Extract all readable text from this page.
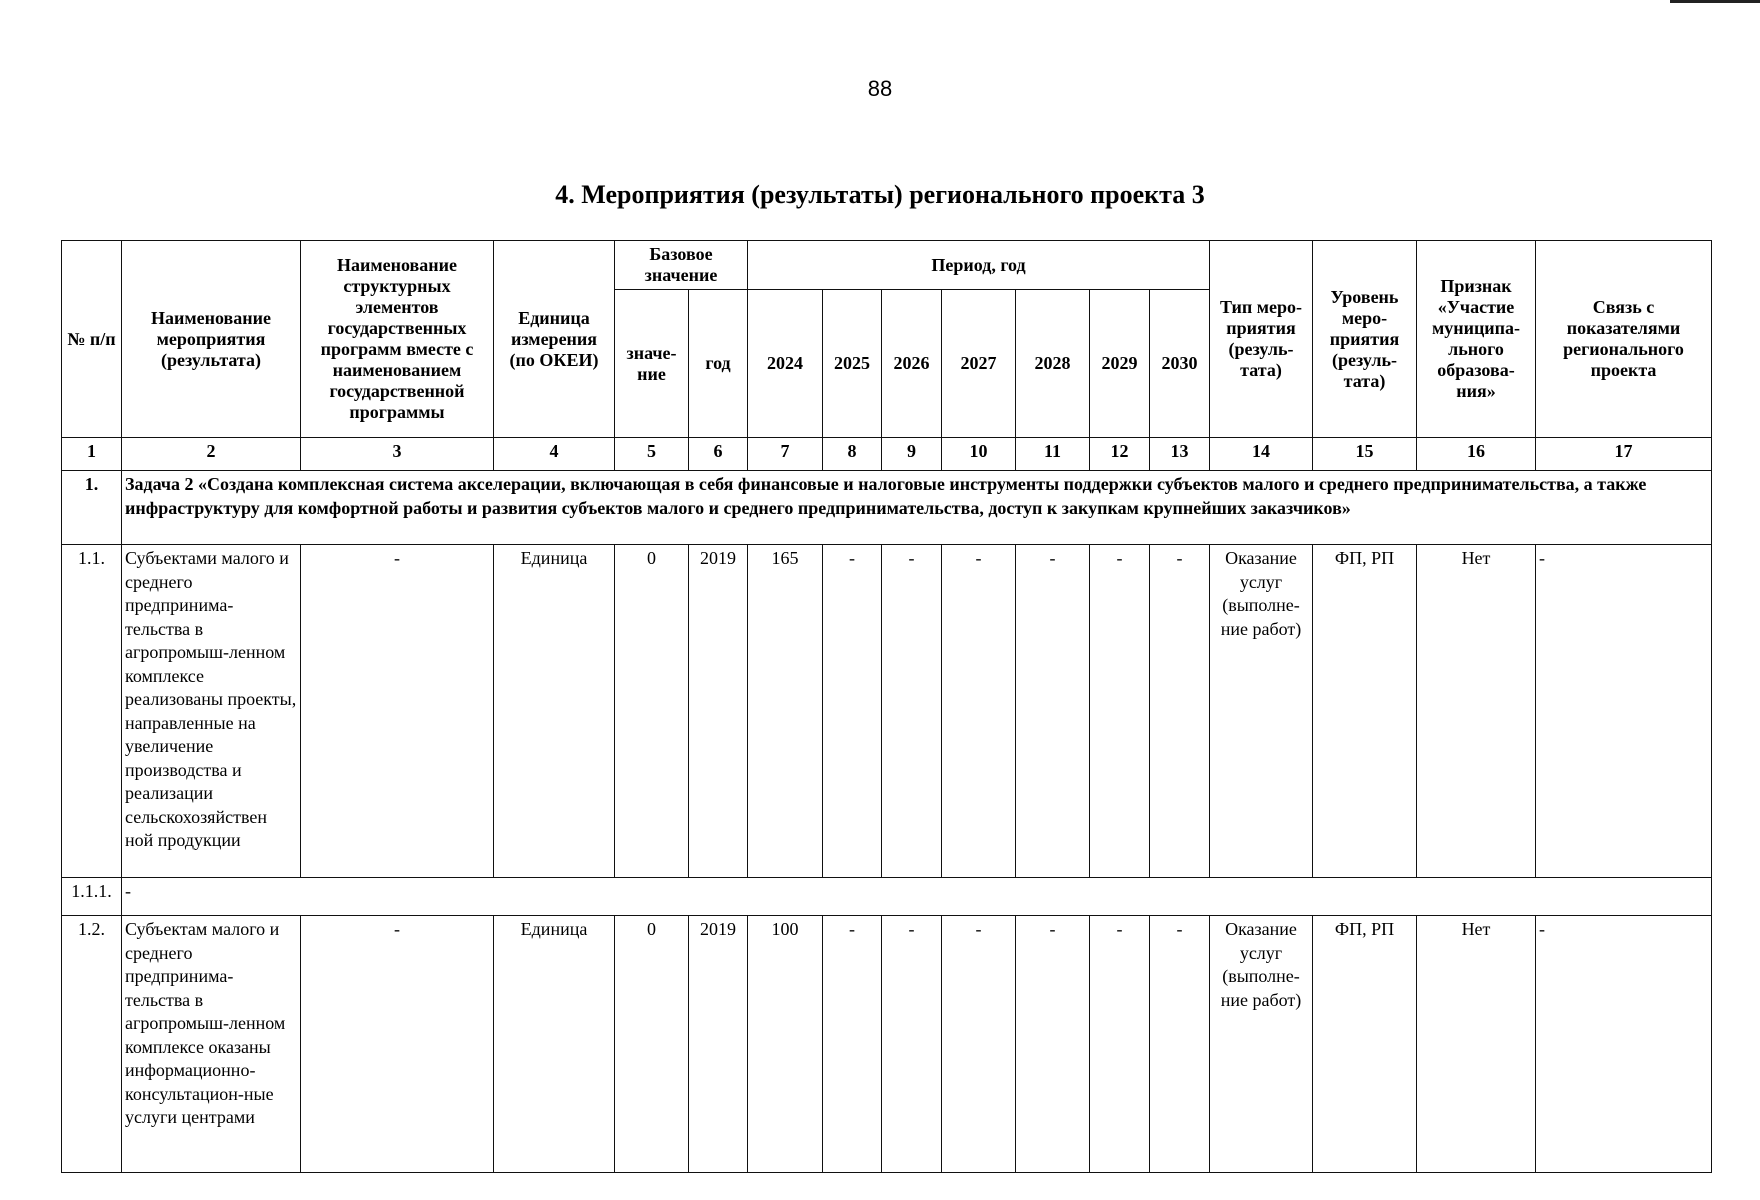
88
4. Мероприятия (результаты) регионального проекта 3
№ п/п	Наименование мероприятия (результата)	Наименование структурных элементов государственных программ вместе с наименованием государственной программы	Единица измерения (по ОКЕИ)	Базовое значение		Период, год							Тип меро-приятия (резуль-тата)	Уровень меро-приятия (резуль-тата)	Признак «Участие муниципа-льного образова-ния»	Связь с показателями регионального проекта
				значе-ние	год	2024	2025	2026	2027	2028	2029	2030				
1	2	3	4	5	6	7	8	9	10	11	12	13	14	15	16	17
1.	Задача 2 «Создана комплексная система акселерации, включающая в себя финансовые и налоговые инструменты поддержки субъектов малого и среднего предпринимательства, а также инфраструктуру для комфортной работы и развития субъектов малого и среднего предпринимательства, доступ к закупкам крупнейших заказчиков»															
1.1.	Субъектами малого и среднего предпринима-тельства в агропромыш-ленном комплексе реализованы проекты, направленные на увеличение производства и реализации сельскохозяйствен ной продукции	-	Единица	0	2019	165	-	-	-	-	-	-	Оказание услуг (выполне-ние работ)	ФП, РП	Нет	-
1.1.1.	-															
1.2.	Субъектам малого и среднего предпринима-тельства в агропромыш-ленном комплексе оказаны информационно-консультацион-ные услуги центрами	-	Единица	0	2019	100	-	-	-	-	-	-	Оказание услуг (выполне-ние работ)	ФП, РП	Нет	-
